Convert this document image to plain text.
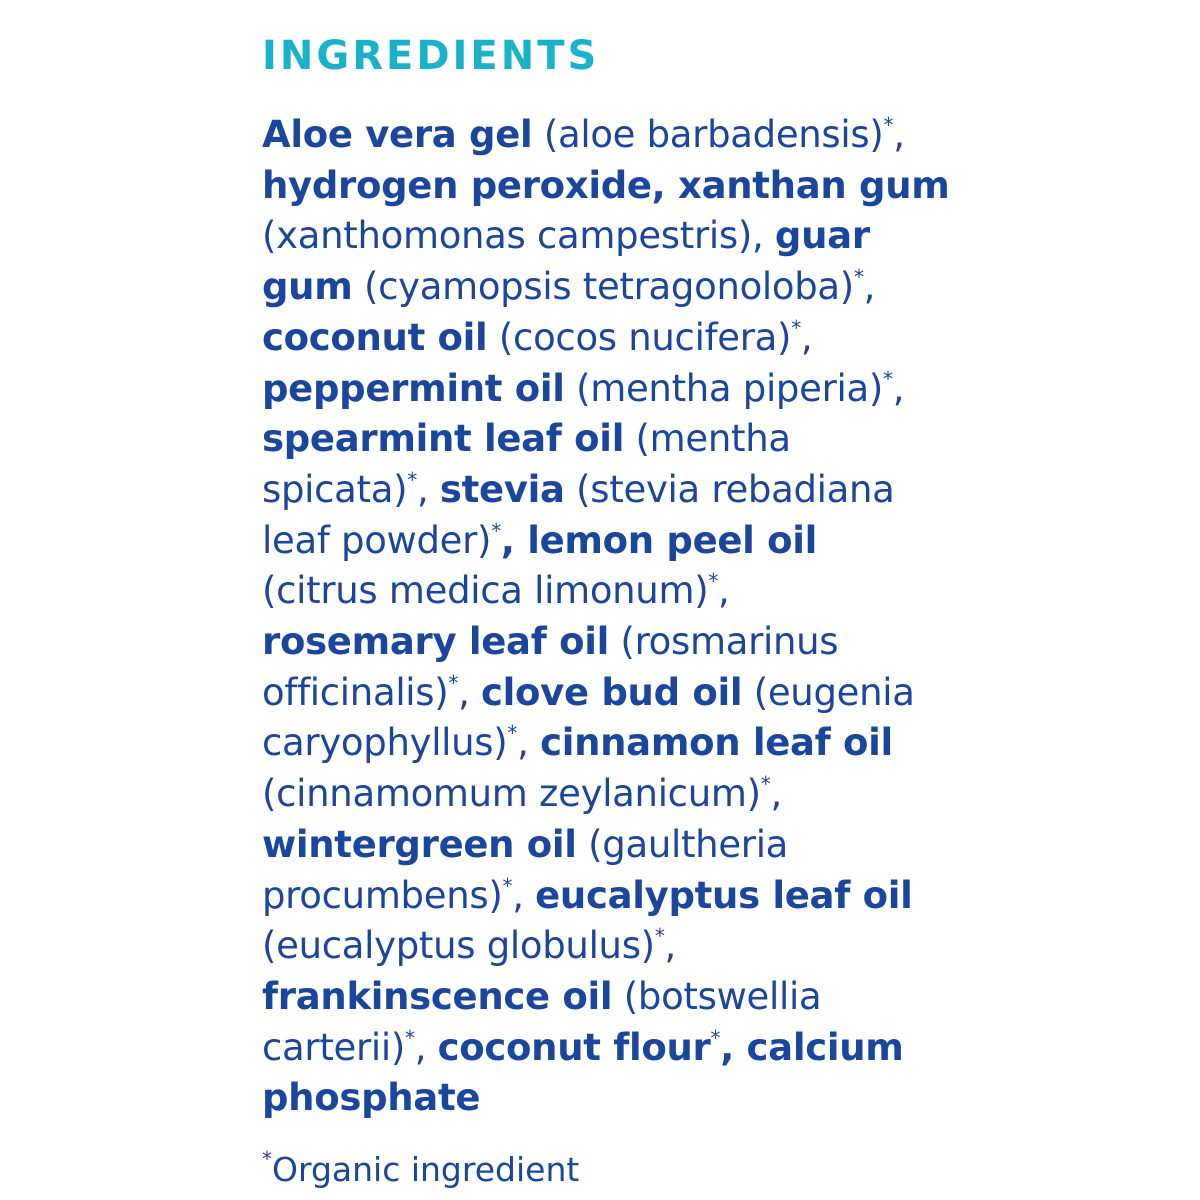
INGREDIENTS
Aloe vera gel (aloe barbadensis)*,
hydrogen peroxide, xanthan gum
(xanthomonas campestris), guar
gum (cyamopsis tetragonoloba)*,
coconut oil (cocos nucifera)*,
peppermint oil (mentha piperia)*,
spearmint leaf oil (mentha
spicata)*, stevia (stevia rebadiana
leaf powder)*, lemon peel oil
(citrus medica limonum)*,
rosemary leaf oil (rosmarinus
officinalis)*, clove bud oil (eugenia
caryophyllus)*, cinnamon leaf oil
(cinnamomum zeylanicum)*,
wintergreen oil (gaultheria
procumbens)*, eucalyptus leaf oil
(eucalyptus globulus)*,
frankinscence oil (botswellia
carterii)*, coconut flour*, calcium
phosphate
*Organic ingredient
